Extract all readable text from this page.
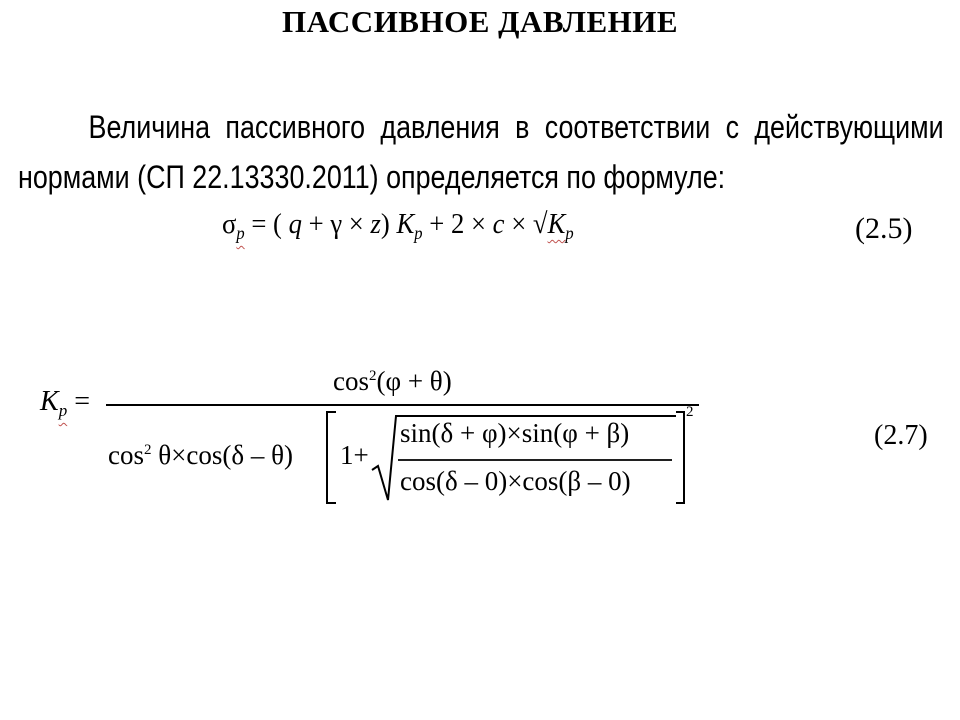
ПАССИВНОЕ ДАВЛЕНИЕ
Величина пассивного давления в соответствии с действующими
нормами (СП 22.13330.2011) определяется по формуле:
$\sigma_p$ = ( q + γ × z) $K_p + 2 \times c \times √K_p$	(2.5)
$K_p$ =
$\cos^2(\varphi + \theta)$
$\cos^2 \theta\times\cos(\delta - \theta)$ 1+
sin(δ + φ)×sin(φ + β)
cos(δ – 0)×cos(β – 0)
2
(2.7)
